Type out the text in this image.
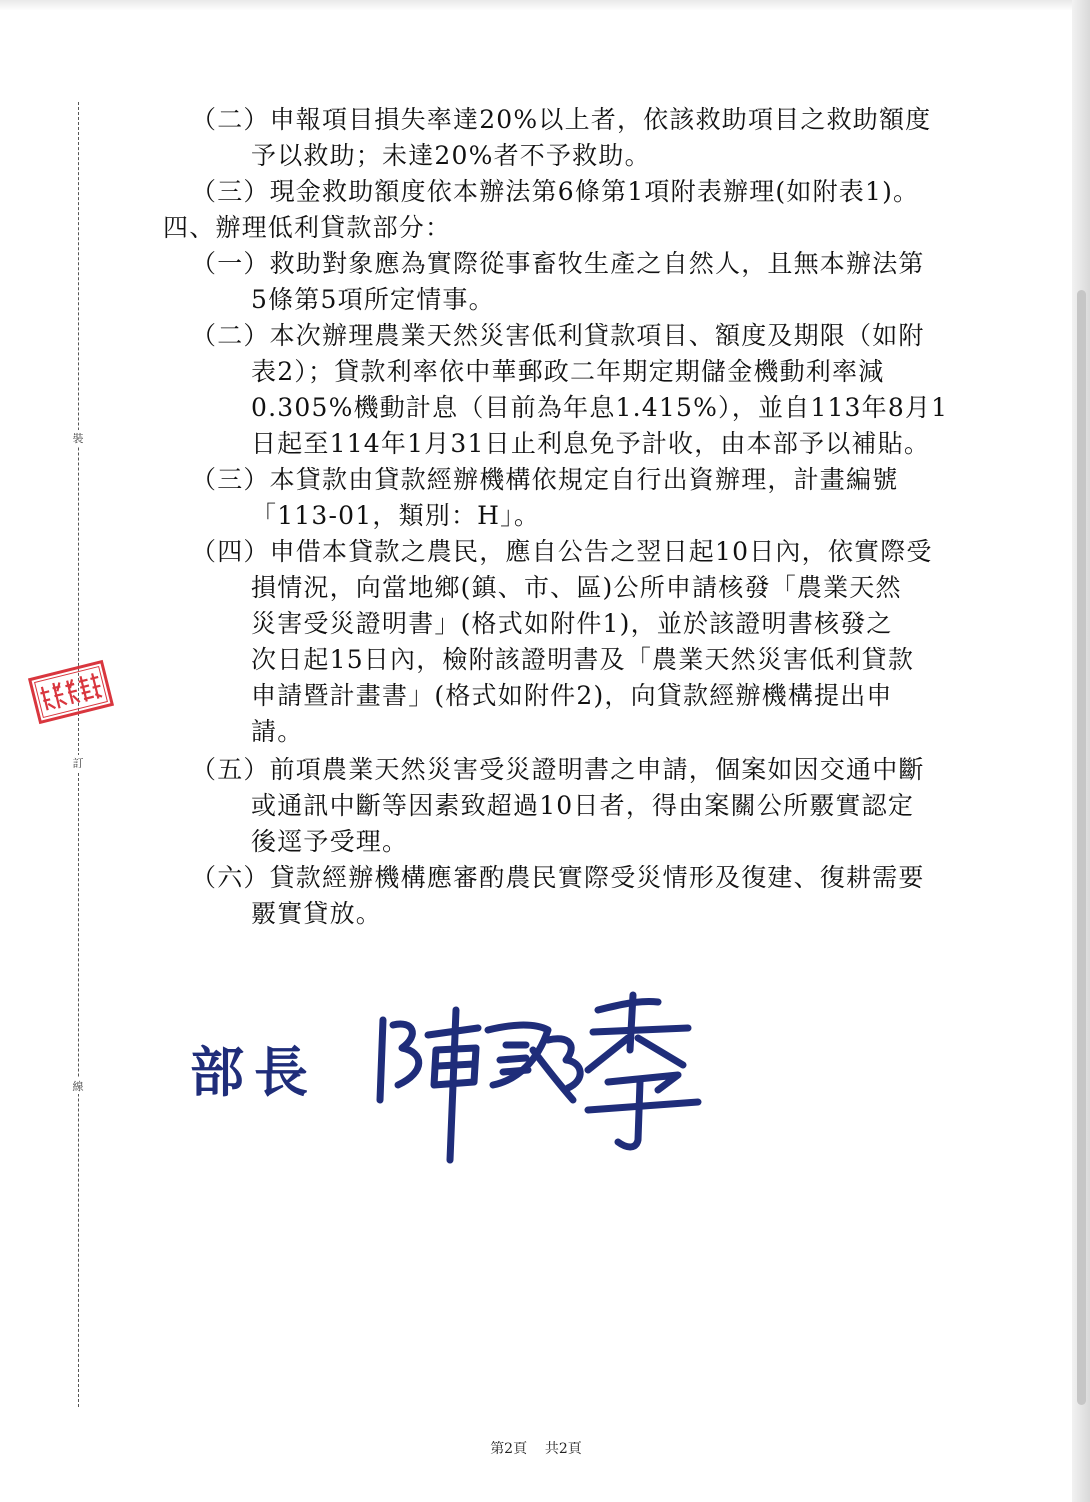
裝
訂
線
（二）申報項目損失率達20%以上者，依該救助項目之救助額度
予以救助；未達20%者不予救助。
（三）現金救助額度依本辦法第6條第1項附表辦理(如附表1)。
四、辦理低利貸款部分：
（一）救助對象應為實際從事畜牧生產之自然人，且無本辦法第
5條第5項所定情事。
（二）本次辦理農業天然災害低利貸款項目、額度及期限（如附
表2）；貸款利率依中華郵政二年期定期儲金機動利率減
0.305%機動計息（目前為年息1.415%），並自113年8月1
日起至114年1月31日止利息免予計收，由本部予以補貼。
（三）本貸款由貸款經辦機構依規定自行出資辦理，計畫編號
「113-01，類別：H」。
（四）申借本貸款之農民，應自公告之翌日起10日內，依實際受
損情況，向當地鄉(鎮、市、區)公所申請核發「農業天然
災害受災證明書」(格式如附件1)，並於該證明書核發之
次日起15日內，檢附該證明書及「農業天然災害低利貸款
申請暨計畫書」(格式如附件2)，向貸款經辦機構提出申
請。
（五）前項農業天然災害受災證明書之申請，個案如因交通中斷
或通訊中斷等因素致超過10日者，得由案關公所覈實認定
後逕予受理。
（六）貸款經辦機構應審酌農民實際受災情形及復建、復耕需要
覈實貸放。
部長
第2頁    共2頁
